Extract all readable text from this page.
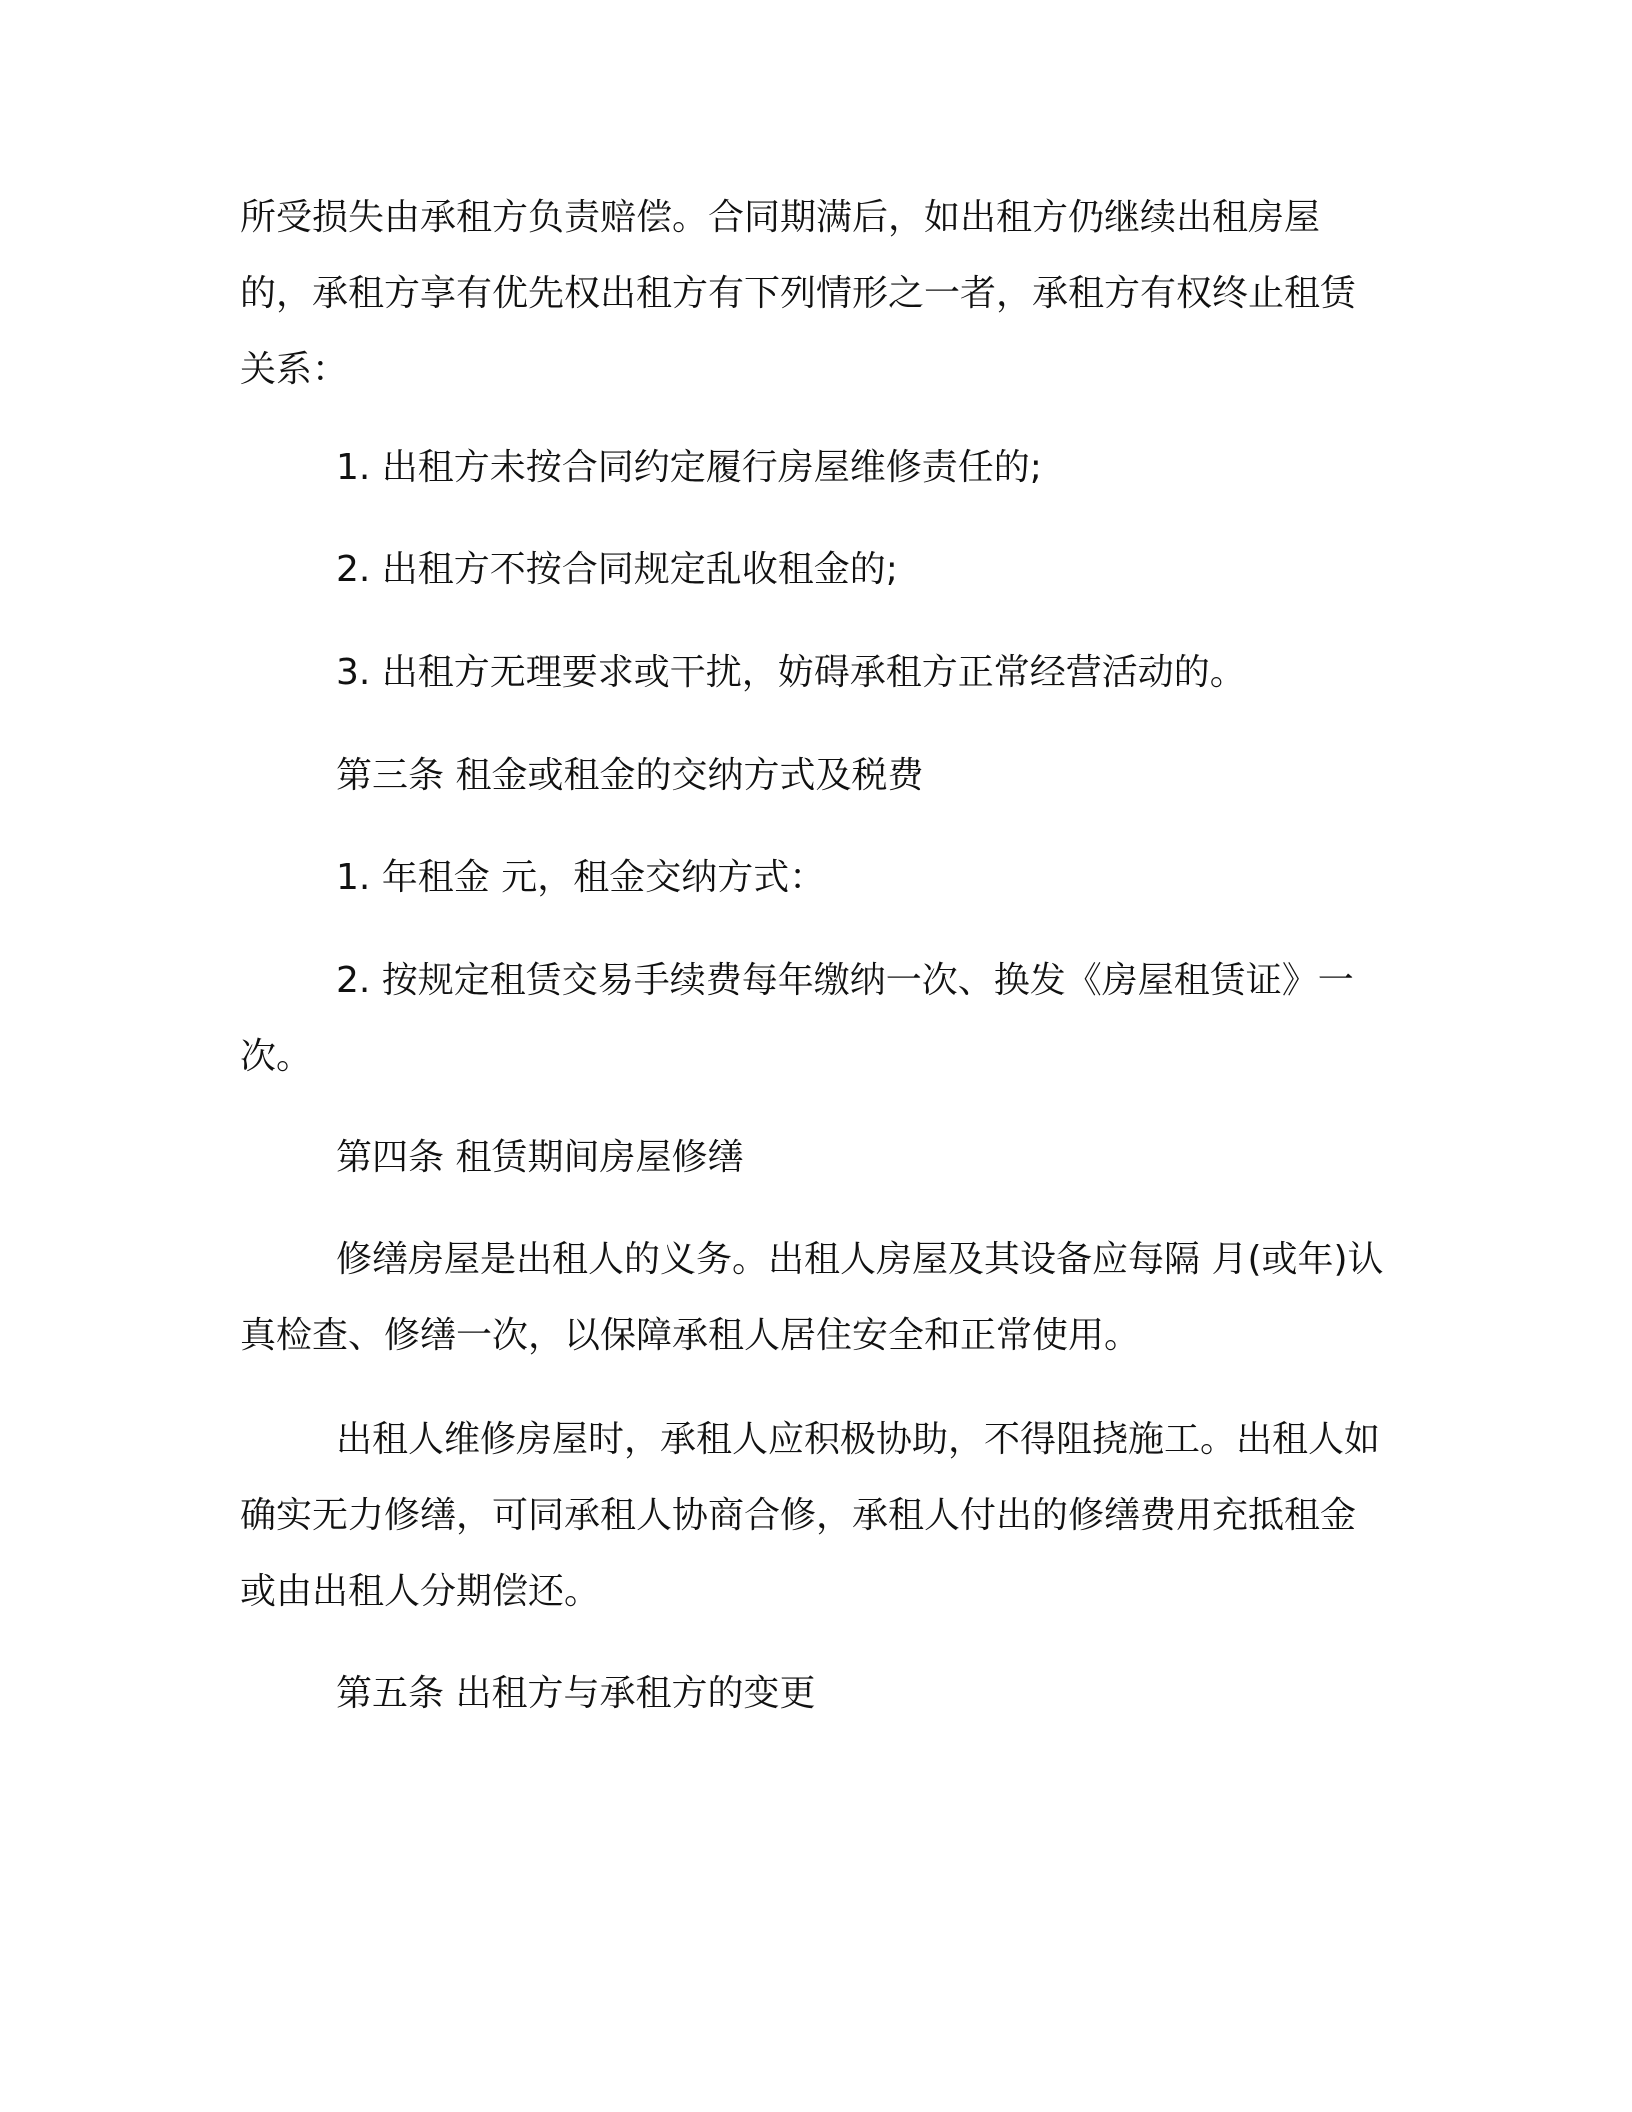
所受损失由承租方负责赔偿。合同期满后，如出租方仍继续出租房屋的，承租方享有优先权出租方有下列情形之一者，承租方有权终止租赁关系：

1. 出租方未按合同约定履行房屋维修责任的;

2. 出租方不按合同规定乱收租金的;

3. 出租方无理要求或干扰，妨碍承租方正常经营活动的。

第三条 租金或租金的交纳方式及税费

1. 年租金 元，租金交纳方式：

2. 按规定租赁交易手续费每年缴纳一次、换发《房屋租赁证》一次。

第四条 租赁期间房屋修缮

修缮房屋是出租人的义务。出租人房屋及其设备应每隔 月(或年)认真检查、修缮一次，以保障承租人居住安全和正常使用。

出租人维修房屋时，承租人应积极协助，不得阻挠施工。出租人如确实无力修缮，可同承租人协商合修，承租人付出的修缮费用充抵租金或由出租人分期偿还。

第五条 出租方与承租方的变更
